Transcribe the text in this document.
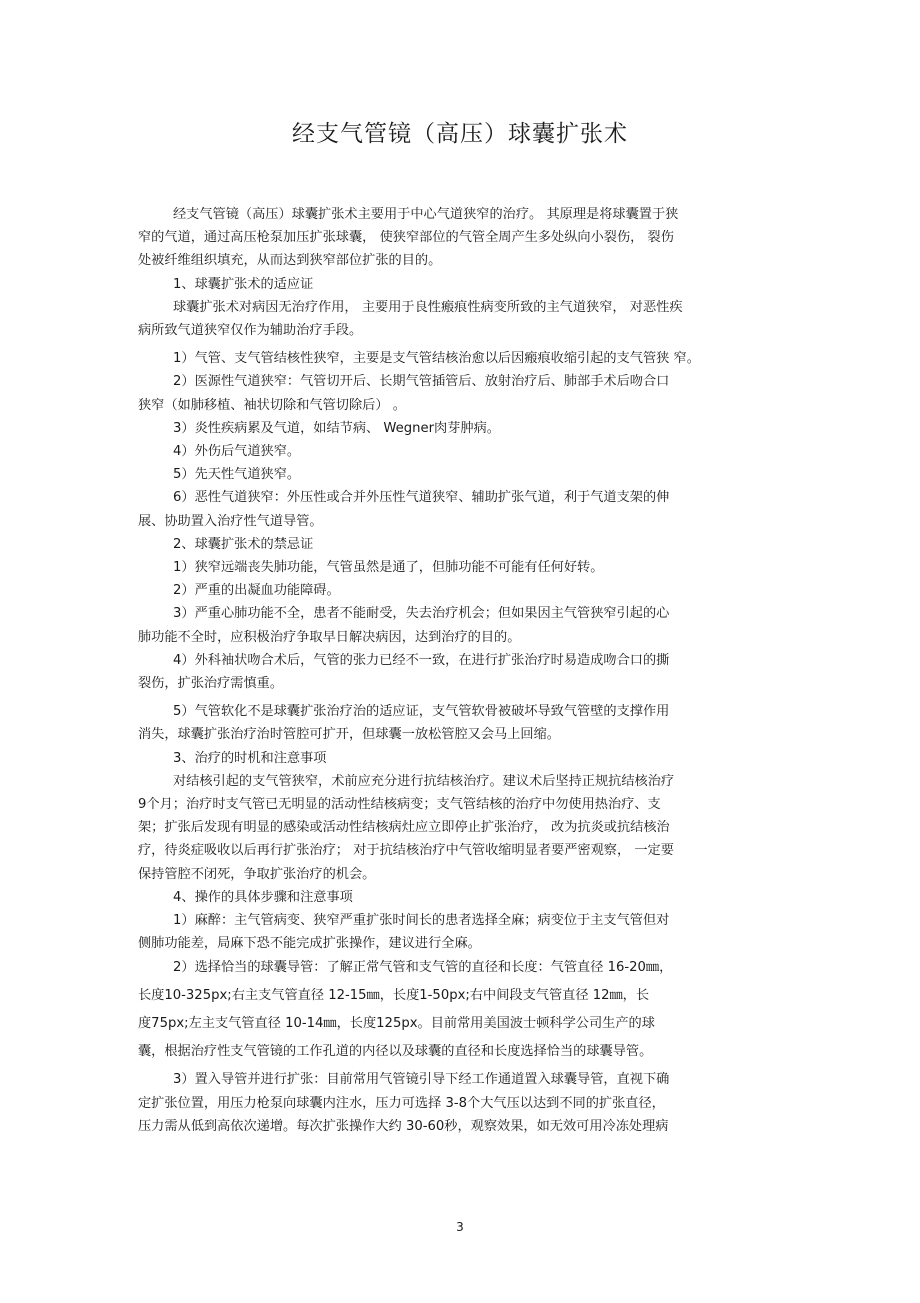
经支气管镜（高压）球囊扩张术

经支气管镜（高压）球囊扩张术主要用于中心气道狭窄的治疗。 其原理是将球囊置于狭

窄的气道，通过高压枪泵加压扩张球囊， 使狭窄部位的气管全周产生多处纵向小裂伤， 裂伤

处被纤维组织填充，从而达到狭窄部位扩张的目的。

1、球囊扩张术的适应证

球囊扩张术对病因无治疗作用， 主要用于良性瘢痕性病变所致的主气道狭窄， 对恶性疾

病所致气道狭窄仅作为辅助治疗手段。

1）气管、支气管结核性狭窄，主要是支气管结核治愈以后因瘢痕收缩引起的支气管狭 窄。

2）医源性气道狭窄：气管切开后、长期气管插管后、放射治疗后、肺部手术后吻合口

狭窄（如肺移植、袖状切除和气管切除后） 。

3）炎性疾病累及气道，如结节病、 Wegner肉芽肿病。

4）外伤后气道狭窄。

5）先天性气道狭窄。

6）恶性气道狭窄：外压性或合并外压性气道狭窄、辅助扩张气道，利于气道支架的伸

展、协助置入治疗性气道导管。

2、球囊扩张术的禁忌证

1）狭窄远端丧失肺功能，气管虽然是通了，但肺功能不可能有任何好转。

2）严重的出凝血功能障碍。

3）严重心肺功能不全，患者不能耐受，失去治疗机会；但如果因主气管狭窄引起的心

肺功能不全时，应积极治疗争取早日解决病因，达到治疗的目的。

4）外科袖状吻合术后，气管的张力已经不一致，在进行扩张治疗时易造成吻合口的撕

裂伤，扩张治疗需慎重。

5）气管软化不是球囊扩张治疗治的适应证，支气管软骨被破坏导致气管壁的支撑作用

消失，球囊扩张治疗治时管腔可扩开，但球囊一放松管腔又会马上回缩。

3、治疗的时机和注意事项

对结核引起的支气管狭窄，术前应充分进行抗结核治疗。建议术后坚持正规抗结核治疗

9个月；治疗时支气管已无明显的活动性结核病变；支气管结核的治疗中勿使用热治疗、支

架；扩张后发现有明显的感染或活动性结核病灶应立即停止扩张治疗， 改为抗炎或抗结核治

疗，待炎症吸收以后再行扩张治疗； 对于抗结核治疗中气管收缩明显者要严密观察， 一定要

保持管腔不闭死，争取扩张治疗的机会。

4、操作的具体步骤和注意事项

1）麻醉：主气管病变、狭窄严重扩张时间长的患者选择全麻；病变位于主支气管但对

侧肺功能差，局麻下恐不能完成扩张操作，建议进行全麻。

2）选择恰当的球囊导管：了解正常气管和支气管的直径和长度：气管直径 16-20㎜，

长度10-325px;右主支气管直径 12-15㎜，长度1-50px;右中间段支气管直径 12㎜，长

度75px;左主支气管直径 10-14㎜，长度125px。目前常用美国波士顿科学公司生产的球

囊，根据治疗性支气管镜的工作孔道的内径以及球囊的直径和长度选择恰当的球囊导管。

3）置入导管并进行扩张：目前常用气管镜引导下经工作通道置入球囊导管，直视下确

定扩张位置，用压力枪泵向球囊内注水，压力可选择 3-8个大气压以达到不同的扩张直径，

压力需从低到高依次递增。每次扩张操作大约 30-60秒，观察效果，如无效可用冷冻处理病

3
